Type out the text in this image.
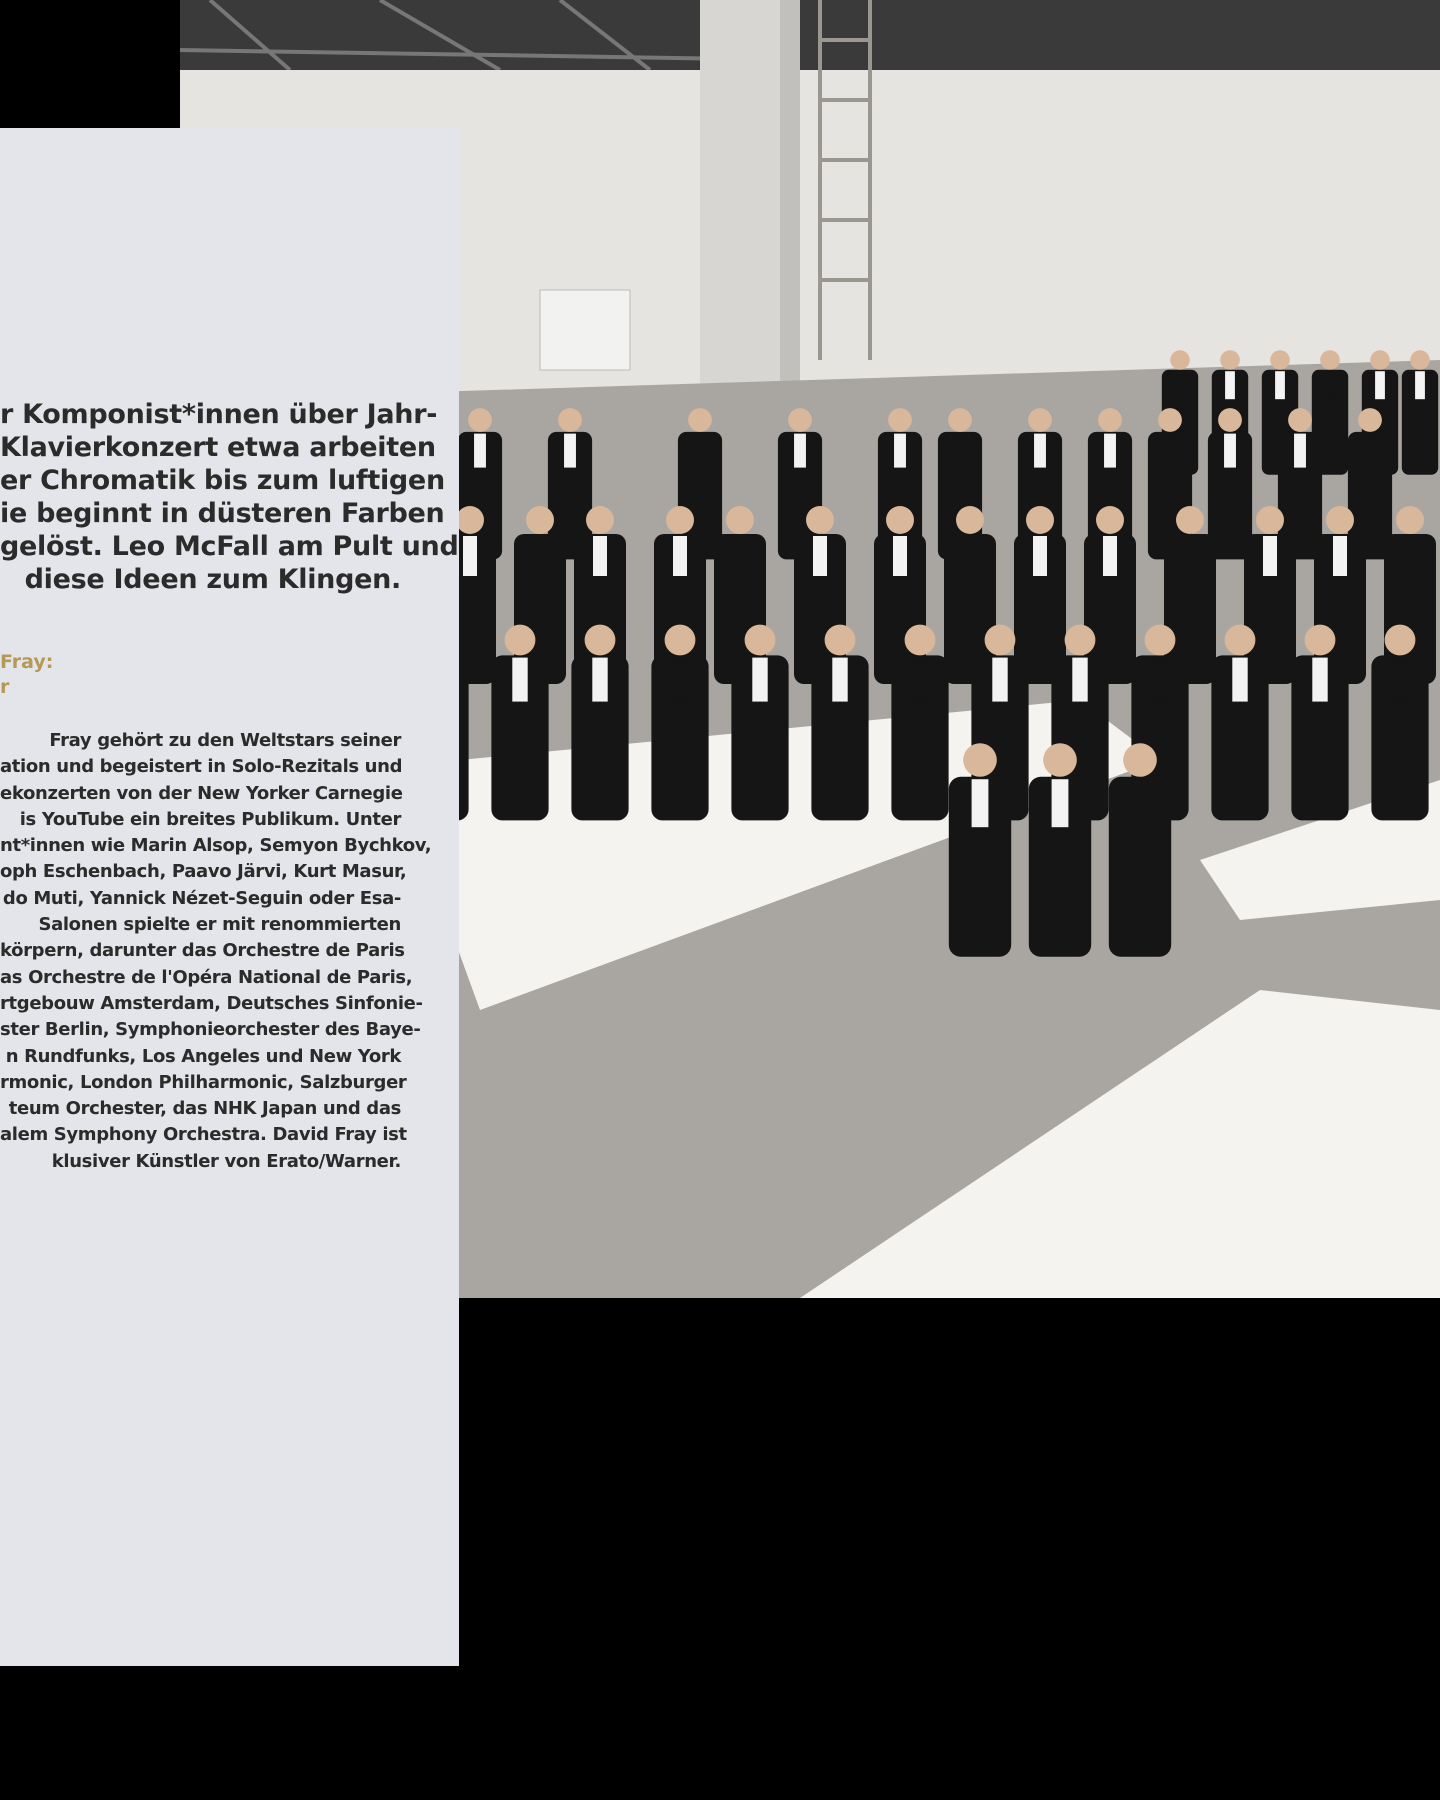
r Komponist*innen über Jahr-
Klavierkonzert etwa arbeiten
er Chromatik bis zum luftigen
ie beginnt in düsteren Farben
gelöst. Leo McFall am Pult und
diese Ideen zum Klingen.
Fray:
r
Fray gehört zu den Weltstars seiner
ation und begeistert in Solo-Rezitals und
ekonzerten von der New Yorker Carnegie
is YouTube ein breites Publikum. Unter
nt*innen wie Marin Alsop, Semyon Bychkov,
oph Eschenbach, Paavo Järvi, Kurt Masur,
do Muti, Yannick Nézet-Seguin oder Esa-
Salonen spielte er mit renommierten
körpern, darunter das Orchestre de Paris
as Orchestre de l'Opéra National de Paris,
rtgebouw Amsterdam, Deutsches Sinfonie-
ster Berlin, Symphonieorchester des Baye-
n Rundfunks, Los Angeles und New York
rmonic, London Philharmonic, Salzburger
teum Orchester, das NHK Japan und das
alem Symphony Orchestra. David Fray ist
klusiver Künstler von Erato/Warner.
